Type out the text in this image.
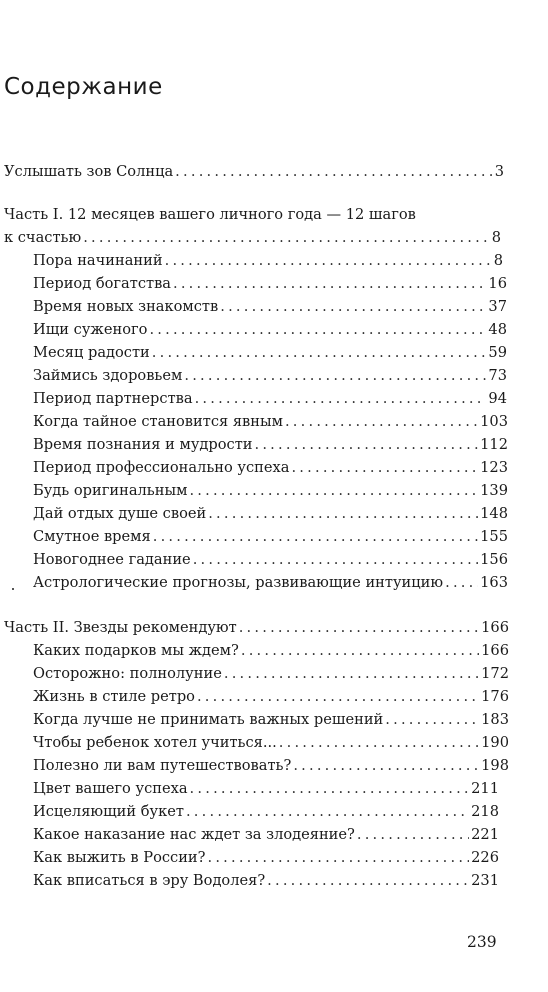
Содержание
Услышать зов Солнца .....	3
Часть I. 12 месяцев вашего личного года — 12 шагов
к счастью .....	8
Пора начинаний .....	8
Период богатства .....	16
Время новых знакомств .....	37
Ищи суженого .....	48
Месяц радости .....	59
Займись здоровьем .....	73
Период партнерства .....	94
Когда тайное становится явным .....	103
Время познания и мудрости .....	112
Период профессионально успеха .....	123
Будь оригинальным .....	139
Дай отдых душе своей .....	148
Смутное время .....	155
Новогоднее гадание .....	156
Астрологические прогнозы, развивающие интуицию .....	163
Часть II. Звезды рекомендуют .....	166
Каких подарков мы ждем? .....	166
Осторожно: полнолуние .....	172
Жизнь в стиле ретро .....	176
Когда лучше не принимать важных решений .....	183
Чтобы ребенок хотел учиться... .....	190
Полезно ли вам путешествовать? .....	198
Цвет вашего успеха .....	211
Исцеляющий букет .....	218
Какое наказание нас ждет за злодеяние? .....	221
Как выжить в России? .....	226
Как вписаться в эру Водолея? .....	231
239
